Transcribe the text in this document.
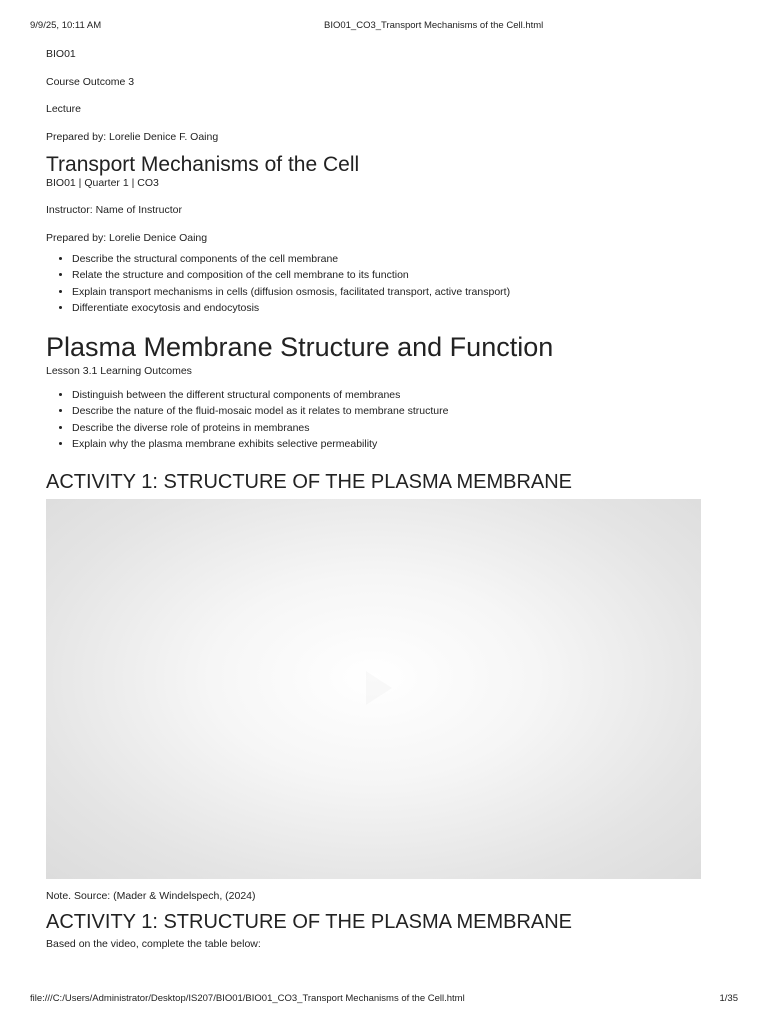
9/9/25, 10:11 AM	BIO01_CO3_Transport Mechanisms of the Cell.html

BIO01

Course Outcome 3

Lecture

Prepared by: Lorelie Denice F. Oaing

Transport Mechanisms of the Cell

BIO01 | Quarter 1 | CO3

Instructor: Name of Instructor

Prepared by: Lorelie Denice Oaing

• Describe the structural components of the cell membrane
• Relate the structure and composition of the cell membrane to its function
• Explain transport mechanisms in cells (diffusion osmosis, facilitated transport, active transport)
• Differentiate exocytosis and endocytosis
Plasma Membrane Structure and Function

Lesson 3.1 Learning Outcomes

• Distinguish between the different structural components of membranes
• Describe the nature of the fluid-mosaic model as it relates to membrane structure
• Describe the diverse role of proteins in membranes
• Explain why the plasma membrane exhibits selective permeability
ACTIVITY 1: STRUCTURE OF THE PLASMA MEMBRANE

Note. Source: (Mader & Windelspech, (2024)

ACTIVITY 1: STRUCTURE OF THE PLASMA MEMBRANE

Based on the video, complete the table below:

file:///C:/Users/Administrator/Desktop/IS207/BIO01/BIO01_CO3_Transport Mechanisms of the Cell.html	1/35
